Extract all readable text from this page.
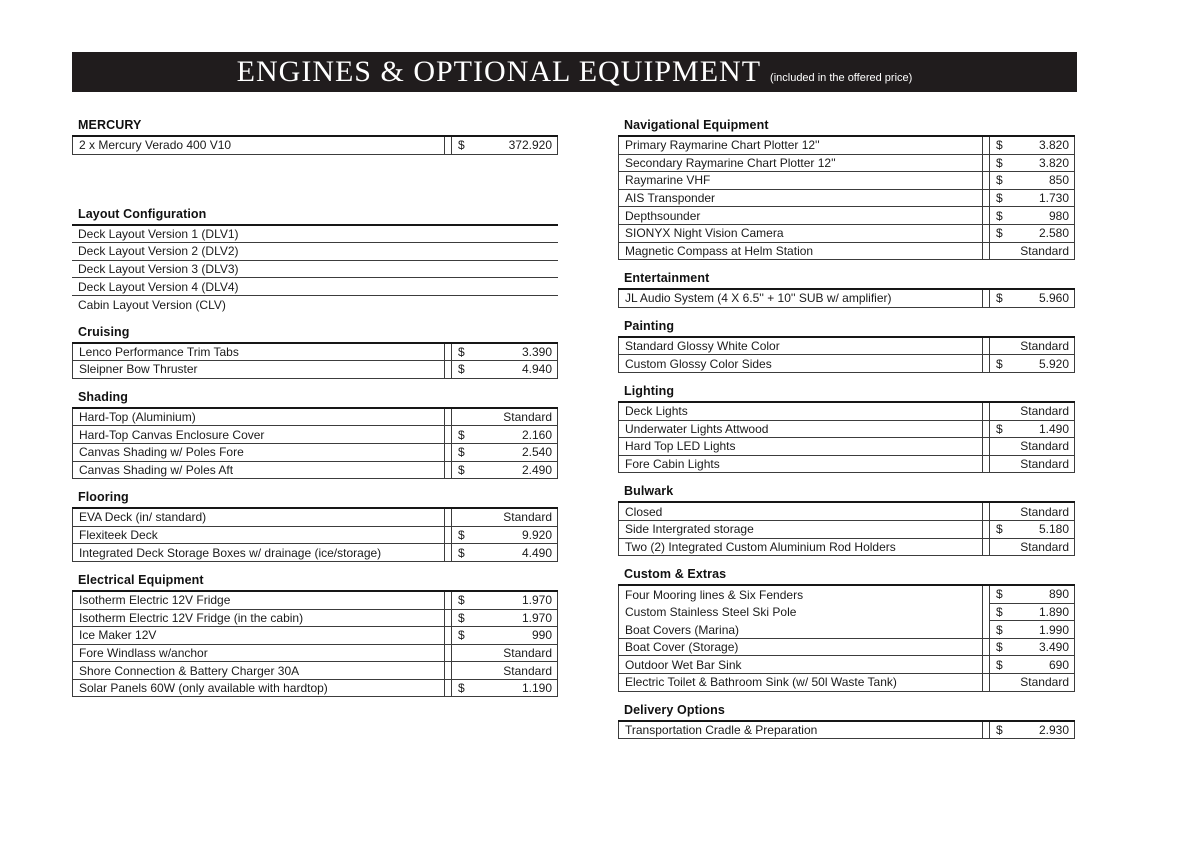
ENGINES & OPTIONAL EQUIPMENT (included in the offered price)
MERCURY
2 x Mercury Verado 400 V10	$	372.920
Layout Configuration
Deck Layout Version 1 (DLV1)
Deck Layout Version 2 (DLV2)
Deck Layout Version 3 (DLV3)
Deck Layout Version 4 (DLV4)
Cabin Layout Version (CLV)
Cruising
Lenco Performance Trim Tabs	$	3.390
Sleipner Bow Thruster	$	4.940
Shading
Hard-Top (Aluminium)	Standard
Hard-Top Canvas Enclosure Cover	$	2.160
Canvas Shading w/ Poles Fore	$	2.540
Canvas Shading w/ Poles Aft	$	2.490
Flooring
EVA Deck (in/ standard)	Standard
Flexiteek Deck	$	9.920
Integrated Deck Storage Boxes w/ drainage (ice/storage)	$	4.490
Electrical Equipment
Isotherm Electric 12V Fridge	$	1.970
Isotherm Electric 12V Fridge (in the cabin)	$	1.970
Ice Maker 12V	$	990
Fore Windlass w/anchor	Standard
Shore Connection & Battery Charger 30A	Standard
Solar Panels 60W (only available with hardtop)	$	1.190
Navigational Equipment
Primary Raymarine Chart Plotter 12''	$	3.820
Secondary Raymarine Chart Plotter 12''	$	3.820
Raymarine VHF	$	850
AIS Transponder	$	1.730
Depthsounder	$	980
SIONYX Night Vision Camera	$	2.580
Magnetic Compass at Helm Station	Standard
Entertainment
JL Audio System (4 X 6.5'' + 10'' SUB w/ amplifier)	$	5.960
Painting
Standard Glossy White Color	Standard
Custom Glossy Color Sides	$	5.920
Lighting
Deck Lights	Standard
Underwater Lights Attwood	$	1.490
Hard Top LED Lights	Standard
Fore Cabin Lights	Standard
Bulwark
Closed	Standard
Side Intergrated storage	$	5.180
Two (2) Integrated Custom Aluminium Rod Holders	Standard
Custom & Extras
Four Mooring lines & Six Fenders	$	890
Custom Stainless Steel Ski Pole	$	1.890
Boat Covers (Marina)	$	1.990
Boat Cover (Storage)	$	3.490
Outdoor Wet Bar Sink	$	690
Electric Toilet & Bathroom Sink (w/ 50l Waste Tank)	Standard
Delivery Options
Transportation Cradle & Preparation	$	2.930
